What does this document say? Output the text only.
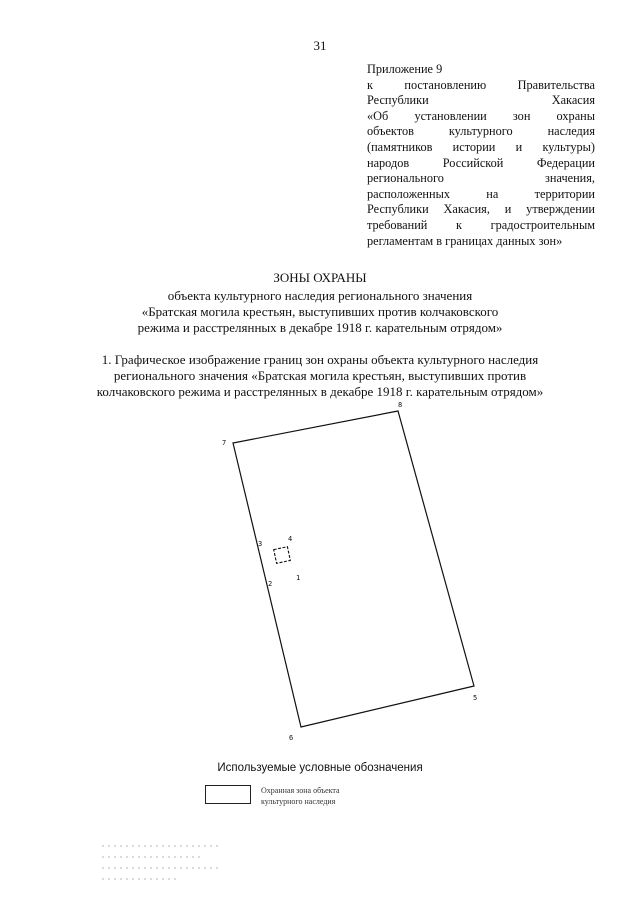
31
Приложение 9
к постановлению Правительства
Республики Хакасия
«Об установлении зон охраны
объектов культурного наследия
(памятников истории и культуры)
народов Российской Федерации
регионального значения,
расположенных на территории
Республики Хакасия, и утверждении
требований к градостроительным
регламентам в границах данных зон»
ЗОНЫ ОХРАНЫ
объекта культурного наследия регионального значения
«Братская могила крестьян, выступивших против колчаковского
режима и расстрелянных в декабре 1918 г. карательным отрядом»
1. Графическое изображение границ зон охраны объекта культурного наследия
регионального значения «Братская могила крестьян, выступивших против
колчаковского режима и расстрелянных в декабре 1918 г. карательным отрядом»
7
8
3
4
2
1
5
6
Используемые условные обозначения
Охранная зона объекта
культурного наследия
